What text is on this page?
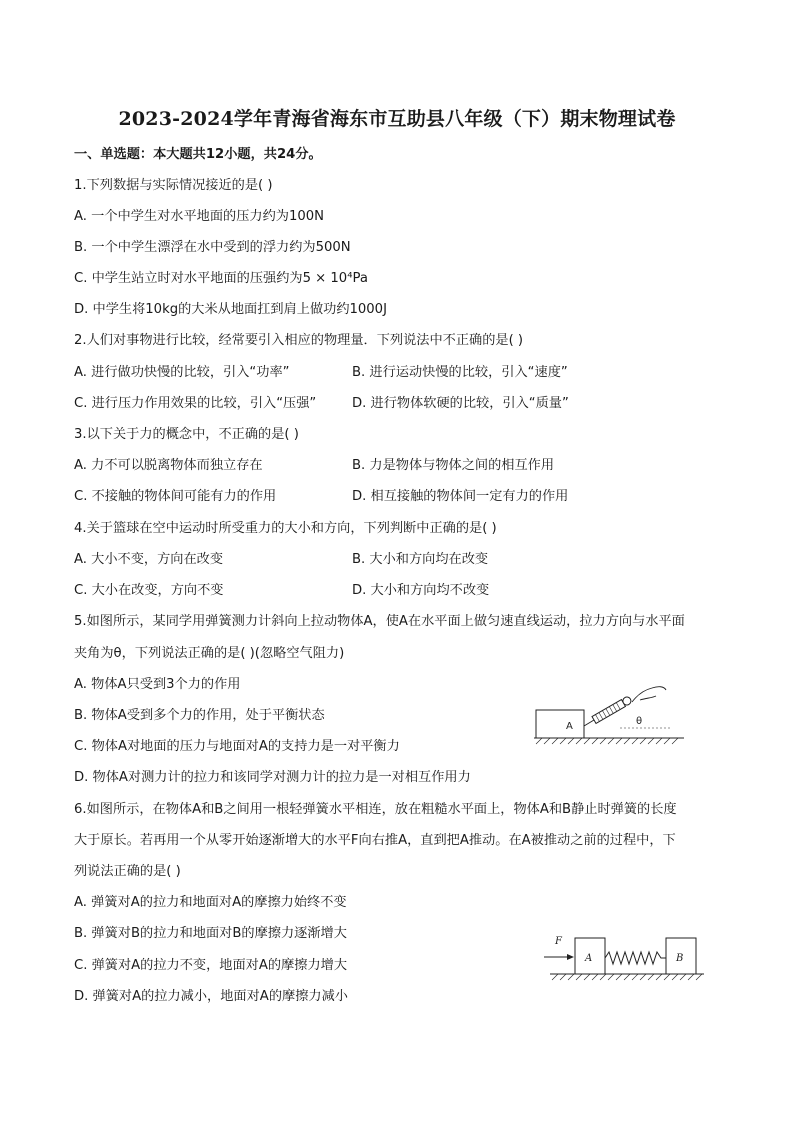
2023-2024学年青海省海东市互助县八年级（下）期末物理试卷
一、单选题：本大题共12小题，共24分。
1.下列数据与实际情况接近的是( )
A. 一个中学生对水平地面的压力约为100N
B. 一个中学生漂浮在水中受到的浮力约为500N
C. 中学生站立时对水平地面的压强约为5 × 10⁴Pa
D. 中学生将10kg的大米从地面扛到肩上做功约1000J
2.人们对事物进行比较，经常要引入相应的物理量．下列说法中不正确的是( )
A. 进行做功快慢的比较，引入“功率”	B. 进行运动快慢的比较，引入“速度”
C. 进行压力作用效果的比较，引入“压强”	D. 进行物体软硬的比较，引入“质量”
3.以下关于力的概念中，不正确的是( )
A. 力不可以脱离物体而独立存在	B. 力是物体与物体之间的相互作用
C. 不接触的物体间可能有力的作用	D. 相互接触的物体间一定有力的作用
4.关于篮球在空中运动时所受重力的大小和方向，下列判断中正确的是( )
A. 大小不变，方向在改变	B. 大小和方向均在改变
C. 大小在改变，方向不变	D. 大小和方向均不改变
5.如图所示，某同学用弹簧测力计斜向上拉动物体A，使A在水平面上做匀速直线运动，拉力方向与水平面
夹角为θ，下列说法正确的是( )(忽略空气阻力)
A. 物体A只受到3个力的作用
B. 物体A受到多个力的作用，处于平衡状态
C. 物体A对地面的压力与地面对A的支持力是一对平衡力
D. 物体A对测力计的拉力和该同学对测力计的拉力是一对相互作用力
A	θ
6.如图所示，在物体A和B之间用一根轻弹簧水平相连，放在粗糙水平面上，物体A和B静止时弹簧的长度
大于原长。若再用一个从零开始逐渐增大的水平F向右推A，直到把A推动。在A被推动之前的过程中，下
列说法正确的是( )
A. 弹簧对A的拉力和地面对A的摩擦力始终不变
B. 弹簧对B的拉力和地面对B的摩擦力逐渐增大
C. 弹簧对A的拉力不变，地面对A的摩擦力增大
D. 弹簧对A的拉力减小，地面对A的摩擦力减小
F
A	B
